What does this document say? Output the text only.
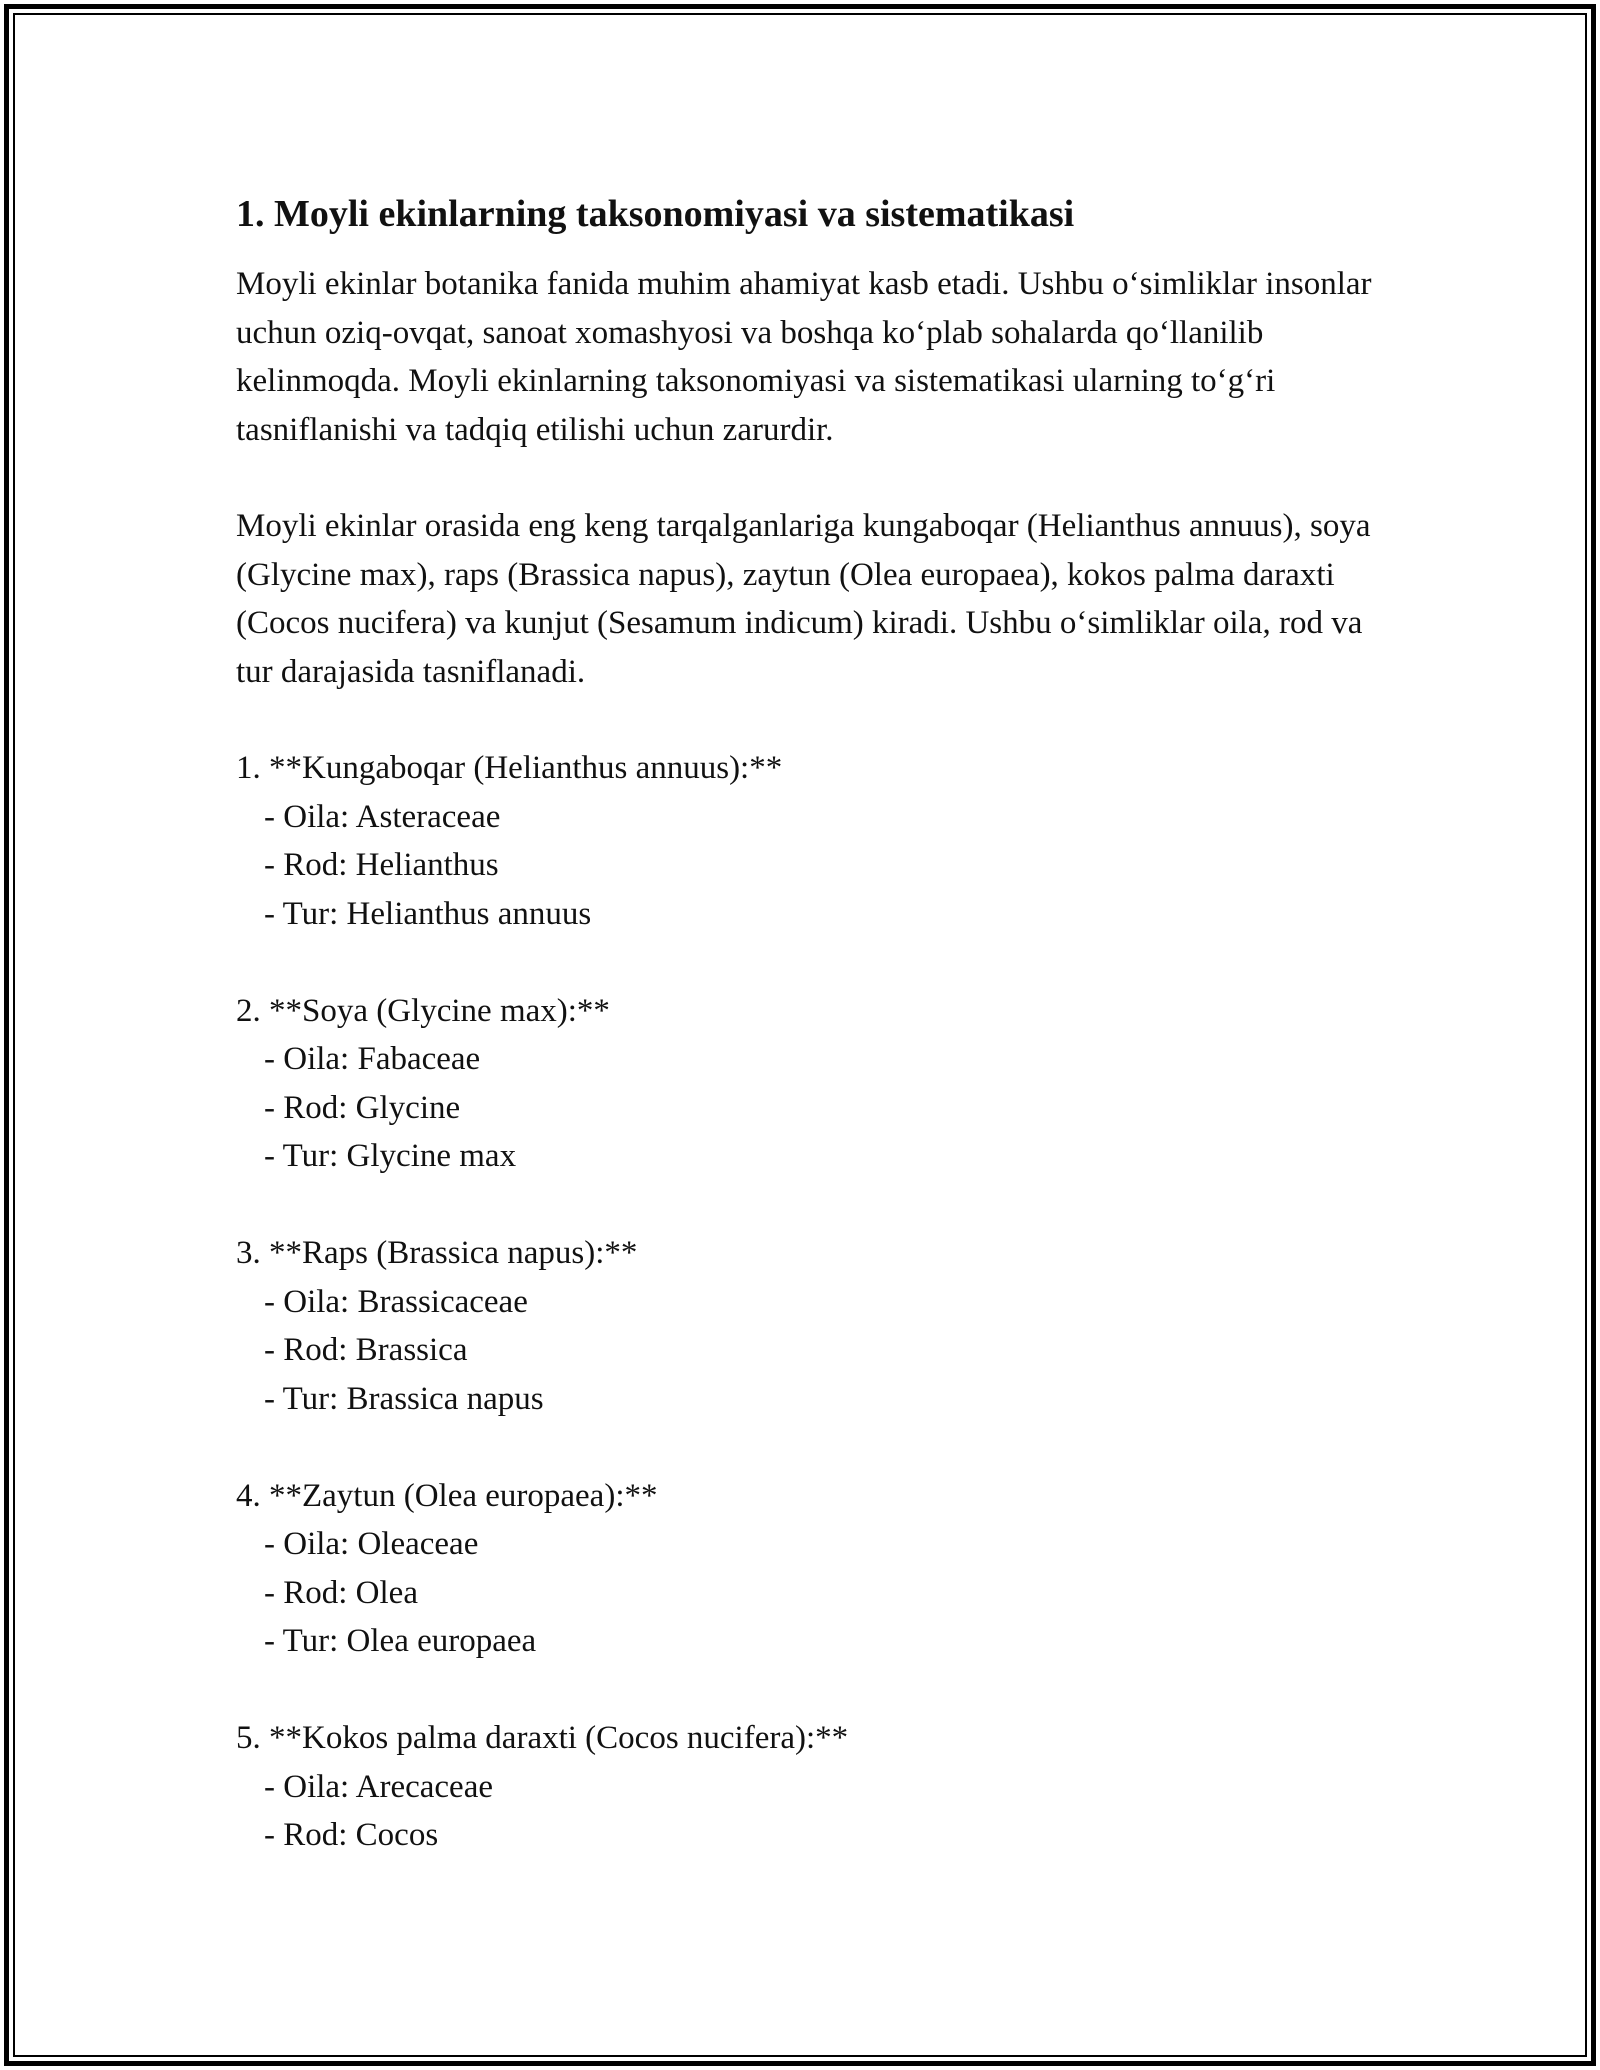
1. Moyli ekinlarning taksonomiyasi va sistematikasi

Moyli ekinlar botanika fanida muhim ahamiyat kasb etadi. Ushbu o‘simliklar insonlar uchun oziq-ovqat, sanoat xomashyosi va boshqa ko‘plab sohalarda qo‘llanilib kelinmoqda. Moyli ekinlarning taksonomiyasi va sistematikasi ularning to‘g‘ri tasniflanishi va tadqiq etilishi uchun zarurdir.

Moyli ekinlar orasida eng keng tarqalganlariga kungaboqar (Helianthus annuus), soya (Glycine max), raps (Brassica napus), zaytun (Olea europaea), kokos palma daraxti (Cocos nucifera) va kunjut (Sesamum indicum) kiradi. Ushbu o‘simliklar oila, rod va tur darajasida tasniflanadi.

1. **Kungaboqar (Helianthus annuus):**
- Oila: Asteraceae
- Rod: Helianthus
- Tur: Helianthus annuus
2. **Soya (Glycine max):**
- Oila: Fabaceae
- Rod: Glycine
- Tur: Glycine max
3. **Raps (Brassica napus):**
- Oila: Brassicaceae
- Rod: Brassica
- Tur: Brassica napus
4. **Zaytun (Olea europaea):**
- Oila: Oleaceae
- Rod: Olea
- Tur: Olea europaea
5. **Kokos palma daraxti (Cocos nucifera):**
- Oila: Arecaceae
- Rod: Cocos
